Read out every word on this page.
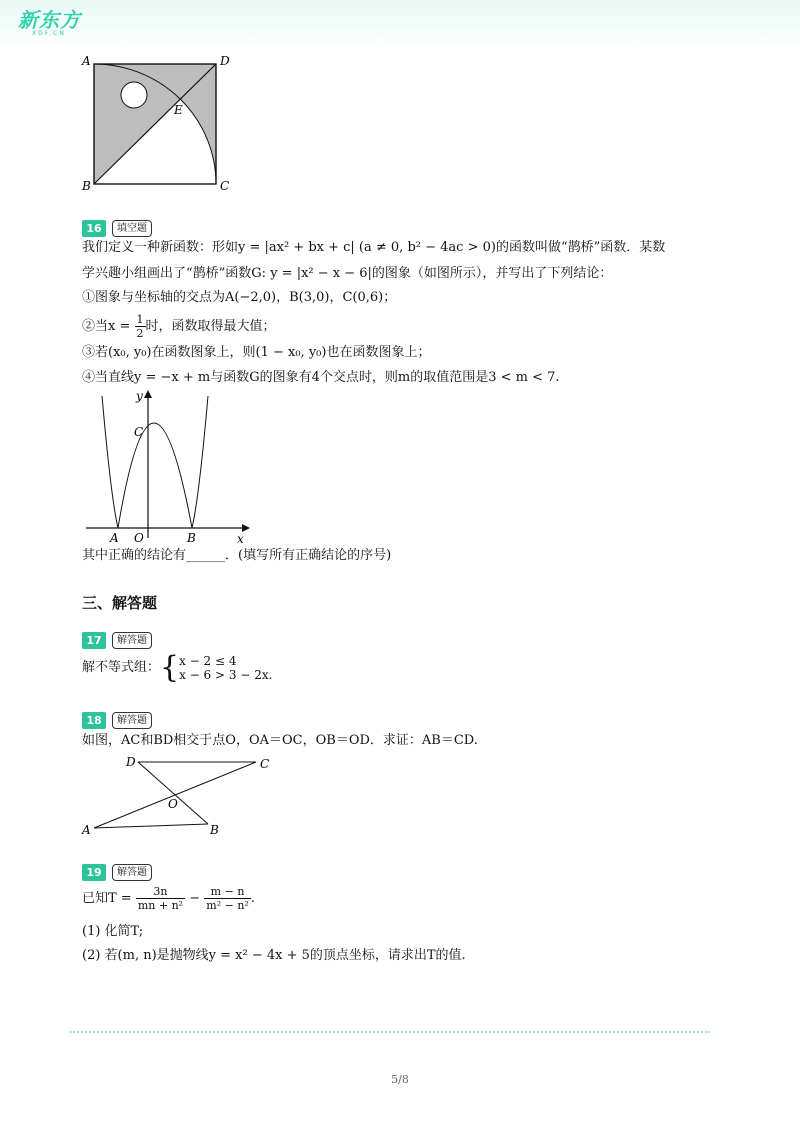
新东方
XDF.CN
A	D
E
B	C
16	填空题
我们定义一种新函数：形如y = |ax² + bx + c| (a ≠ 0, b² − 4ac > 0)的函数叫做“鹊桥”函数．某数
学兴趣小组画出了“鹊桥”函数G: y = |x² − x − 6|的图象（如图所示），并写出了下列结论：
①图象与坐标轴的交点为A(−2,0)，B(3,0)，C(0,6)；
②当$x = \frac{1}{2}$ 时，函数取得最大值；
③若(x₀, y₀)在函数图象上，则(1 − x₀, y₀)也在函数图象上；
④当直线y = −x + m与函数G的图象有4个交点时，则m的取值范围是3 < m < 7.
y
x
C
A O	B
其中正确的结论有______．(填写所有正确结论的序号)
三、解答题
17	解答题
解不等式组：{ x − 2 ≤ 4
x − 6 > 3 − 2x.
18	解答题
如图，AC和BD相交于点O，OA＝OC，OB＝OD．求证：AB＝CD.
D	C
O
A	B
19	解答题
已知$T = \frac{3n}{\text{mn + n²}} - \frac{m - n}{\text{m² − n²}}$ .
(1) 化简T;
(2) 若(m, n)是抛物线y = x² − 4x + 5的顶点坐标，请求出T的值.
5/8
